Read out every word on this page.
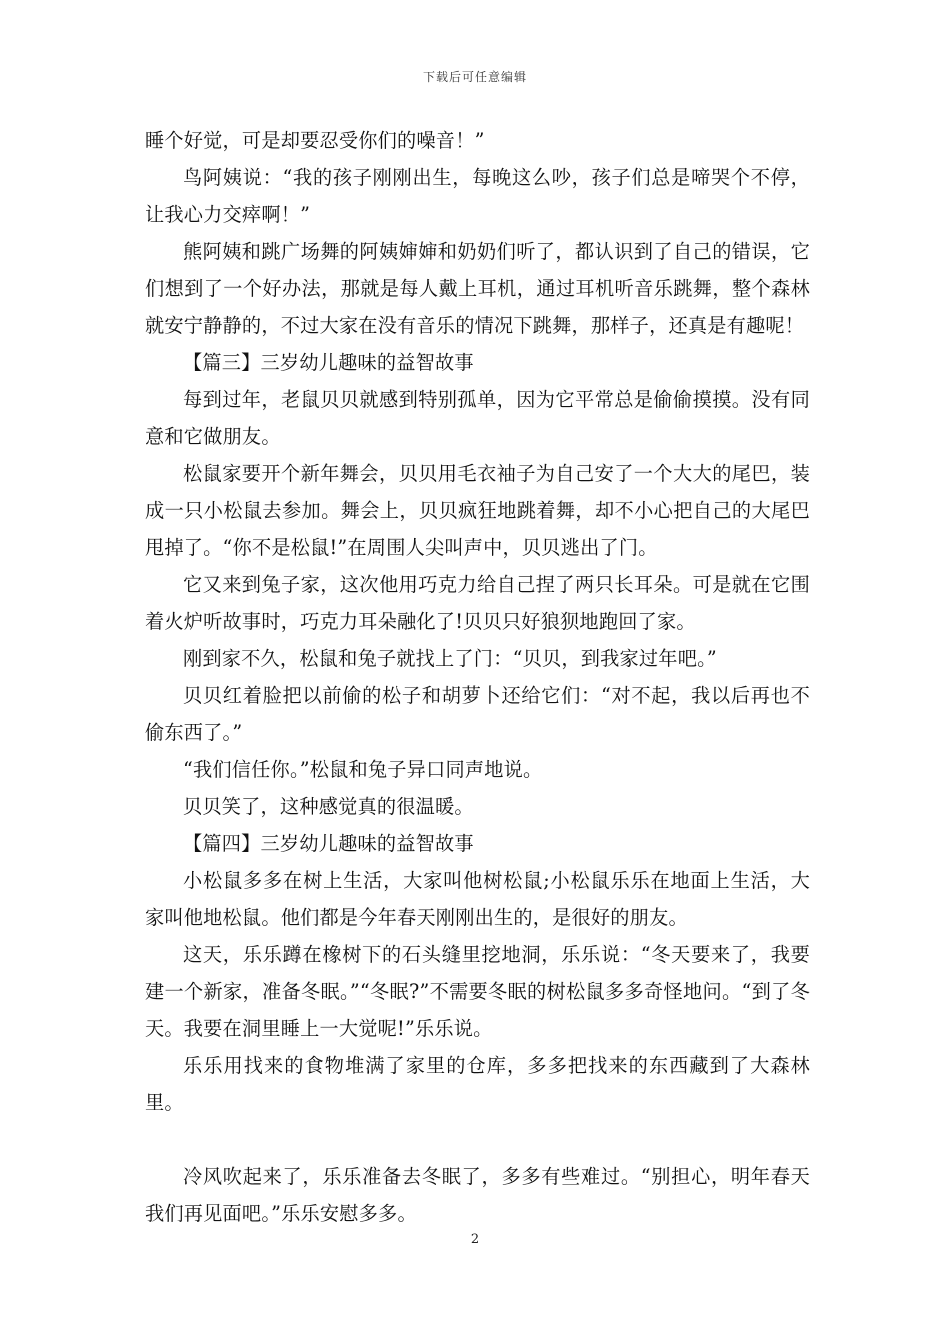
下载后可任意编辑

睡个好觉，可是却要忍受你们的噪音！”

鸟阿姨说：“我的孩子刚刚出生，每晚这么吵，孩子们总是啼哭个不停，让我心力交瘁啊！”

熊阿姨和跳广场舞的阿姨婶婶和奶奶们听了，都认识到了自己的错误，它们想到了一个好办法，那就是每人戴上耳机，通过耳机听音乐跳舞，整个森林就安宁静静的，不过大家在没有音乐的情况下跳舞，那样子，还真是有趣呢！

【篇三】三岁幼儿趣味的益智故事

每到过年，老鼠贝贝就感到特别孤单，因为它平常总是偷偷摸摸。没有同意和它做朋友。

松鼠家要开个新年舞会，贝贝用毛衣袖子为自己安了一个大大的尾巴，装成一只小松鼠去参加。舞会上，贝贝疯狂地跳着舞，却不小心把自己的大尾巴甩掉了。“你不是松鼠!”在周围人尖叫声中，贝贝逃出了门。

它又来到兔子家，这次他用巧克力给自己捏了两只长耳朵。可是就在它围着火炉听故事时，巧克力耳朵融化了!贝贝只好狼狈地跑回了家。

刚到家不久，松鼠和兔子就找上了门：“贝贝，到我家过年吧。”

贝贝红着脸把以前偷的松子和胡萝卜还给它们：“对不起，我以后再也不偷东西了。”

“我们信任你。”松鼠和兔子异口同声地说。

贝贝笑了，这种感觉真的很温暖。

【篇四】三岁幼儿趣味的益智故事

小松鼠多多在树上生活，大家叫他树松鼠;小松鼠乐乐在地面上生活，大家叫他地松鼠。他们都是今年春天刚刚出生的，是很好的朋友。

这天，乐乐蹲在橡树下的石头缝里挖地洞，乐乐说：“冬天要来了，我要建一个新家，准备冬眠。”“冬眠?”不需要冬眠的树松鼠多多奇怪地问。“到了冬天。我要在洞里睡上一大觉呢!”乐乐说。

乐乐用找来的食物堆满了家里的仓库，多多把找来的东西藏到了大森林里。

冷风吹起来了，乐乐准备去冬眠了，多多有些难过。“别担心，明年春天我们再见面吧。”乐乐安慰多多。

2
